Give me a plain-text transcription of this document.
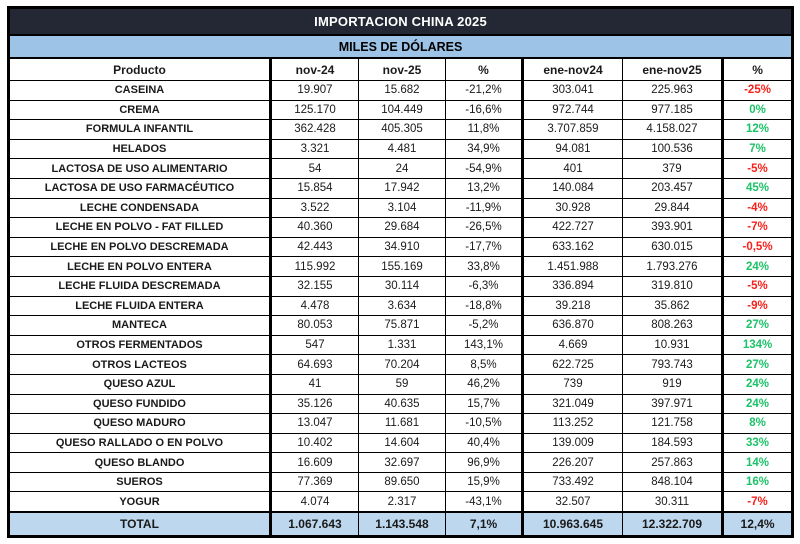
IMPORTACION CHINA 2025						
MILES DE DÓLARES						
Producto	nov-24	nov-25	%	ene-nov24	ene-nov25	%
CASEINA	19.907	15.682	-21,2%	303.041	225.963	-25%
CREMA	125.170	104.449	-16,6%	972.744	977.185	0%
FORMULA INFANTIL	362.428	405.305	11,8%	3.707.859	4.158.027	12%
HELADOS	3.321	4.481	34,9%	94.081	100.536	7%
LACTOSA DE USO ALIMENTARIO	54	24	-54,9%	401	379	-5%
LACTOSA DE USO FARMACÉUTICO	15.854	17.942	13,2%	140.084	203.457	45%
LECHE CONDENSADA	3.522	3.104	-11,9%	30.928	29.844	-4%
LECHE EN POLVO - FAT FILLED	40.360	29.684	-26,5%	422.727	393.901	-7%
LECHE EN POLVO DESCREMADA	42.443	34.910	-17,7%	633.162	630.015	-0,5%
LECHE EN POLVO ENTERA	115.992	155.169	33,8%	1.451.988	1.793.276	24%
LECHE FLUIDA DESCREMADA	32.155	30.114	-6,3%	336.894	319.810	-5%
LECHE FLUIDA ENTERA	4.478	3.634	-18,8%	39.218	35.862	-9%
MANTECA	80.053	75.871	-5,2%	636.870	808.263	27%
OTROS FERMENTADOS	547	1.331	143,1%	4.669	10.931	134%
OTROS LACTEOS	64.693	70.204	8,5%	622.725	793.743	27%
QUESO AZUL	41	59	46,2%	739	919	24%
QUESO FUNDIDO	35.126	40.635	15,7%	321.049	397.971	24%
QUESO MADURO	13.047	11.681	-10,5%	113.252	121.758	8%
QUESO RALLADO O EN POLVO	10.402	14.604	40,4%	139.009	184.593	33%
QUESO BLANDO	16.609	32.697	96,9%	226.207	257.863	14%
SUEROS	77.369	89.650	15,9%	733.492	848.104	16%
YOGUR	4.074	2.317	-43,1%	32.507	30.311	-7%
TOTAL	1.067.643	1.143.548	7,1%	10.963.645	12.322.709	12,4%
